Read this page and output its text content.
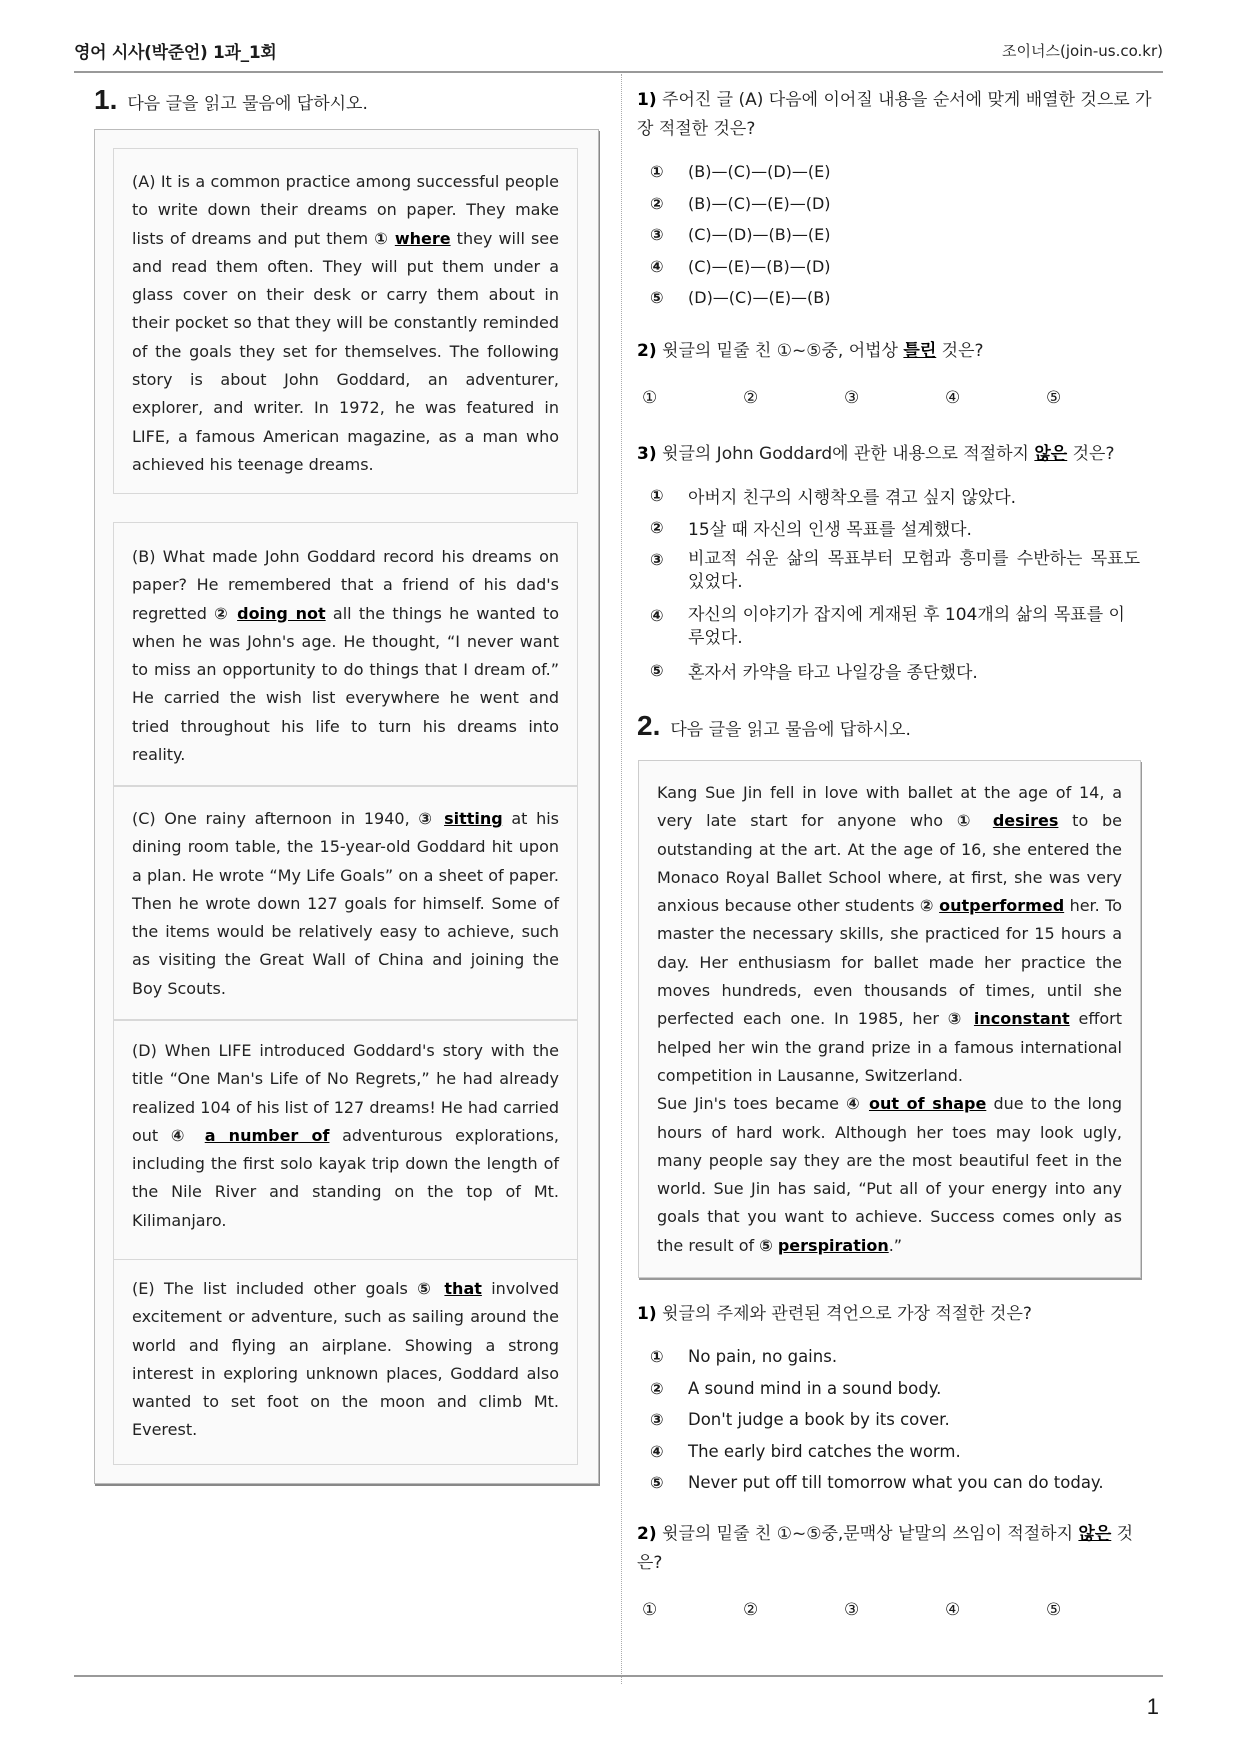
영어 시사(박준언) 1과_1회	조이너스(join-us.co.kr)
1. 다음 글을 읽고 물음에 답하시오.

(A) It is a common practice among successful people to write down their dreams on paper. They make lists of dreams and put them ① where they will see and read them often. They will put them under a glass cover on their desk or carry them about in their pocket so that they will be constantly reminded of the goals they set for themselves. The following story is about John Goddard, an adventurer, explorer, and writer. In 1972, he was featured in LIFE, a famous American magazine, as a man who achieved his teenage dreams.

(B) What made John Goddard record his dreams on paper? He remembered that a friend of his dad's regretted ② doing not all the things he wanted to when he was John's age. He thought, “I never want to miss an opportunity to do things that I dream of.” He carried the wish list everywhere he went and tried throughout his life to turn his dreams into reality.

(C) One rainy afternoon in 1940, ③ sitting at his dining room table, the 15-year-old Goddard hit upon a plan. He wrote “My Life Goals” on a sheet of paper. Then he wrote down 127 goals for himself. Some of the items would be relatively easy to achieve, such as visiting the Great Wall of China and joining the Boy Scouts.

(D) When LIFE introduced Goddard's story with the title “One Man's Life of No Regrets,” he had already realized 104 of his list of 127 dreams! He had carried out ④ a number of adventurous explorations, including the first solo kayak trip down the length of the Nile River and standing on the top of Mt. Kilimanjaro.

(E) The list included other goals ⑤ that involved excitement or adventure, such as sailing around the world and flying an airplane. Showing a strong interest in exploring unknown places, Goddard also wanted to set foot on the moon and climb Mt. Everest.

1) 주어진 글 (A) 다음에 이어질 내용을 순서에 맞게 배열한 것으로 가장 적절한 것은?
①	(B)—(C)—(D)—(E)
②	(B)—(C)—(E)—(D)
③	(C)—(D)—(B)—(E)
④	(C)—(E)—(B)—(D)
⑤	(D)—(C)—(E)—(B)
2) 윗글의 밑줄 친 ①~⑤중, 어법상 틀린 것은?
①	②	③	④	⑤
3) 윗글의 John Goddard에 관한 내용으로 적절하지 않은 것은?
①	아버지 친구의 시행착오를 겪고 싶지 않았다.
②	15살 때 자신의 인생 목표를 설계했다.
③	비교적 쉬운 삶의 목표부터 모험과 흥미를 수반하는 목표도 있었다.
④	자신의 이야기가 잡지에 게재된 후 104개의 삶의 목표를 이루었다.
⑤	혼자서 카약을 타고 나일강을 종단했다.
2. 다음 글을 읽고 물음에 답하시오.

Kang Sue Jin fell in love with ballet at the age of 14, a very late start for anyone who ① desires to be outstanding at the art. At the age of 16, she entered the Monaco Royal Ballet School where, at first, she was very anxious because other students ② outperformed her. To master the necessary skills, she practiced for 15 hours a day. Her enthusiasm for ballet made her practice the moves hundreds, even thousands of times, until she perfected each one. In 1985, her ③ inconstant effort helped her win the grand prize in a famous international competition in Lausanne, Switzerland.

Sue Jin's toes became ④ out of shape due to the long hours of hard work. Although her toes may look ugly, many people say they are the most beautiful feet in the world. Sue Jin has said, “Put all of your energy into any goals that you want to achieve. Success comes only as the result of ⑤ perspiration.”

1) 윗글의 주제와 관련된 격언으로 가장 적절한 것은?
①	No pain, no gains.
②	A sound mind in a sound body.
③	Don't judge a book by its cover.
④	The early bird catches the worm.
⑤	Never put off till tomorrow what you can do today.
2) 윗글의 밑줄 친 ①~⑤중,문맥상 낱말의 쓰임이 적절하지 않은 것은?
①	②	③	④	⑤
1
